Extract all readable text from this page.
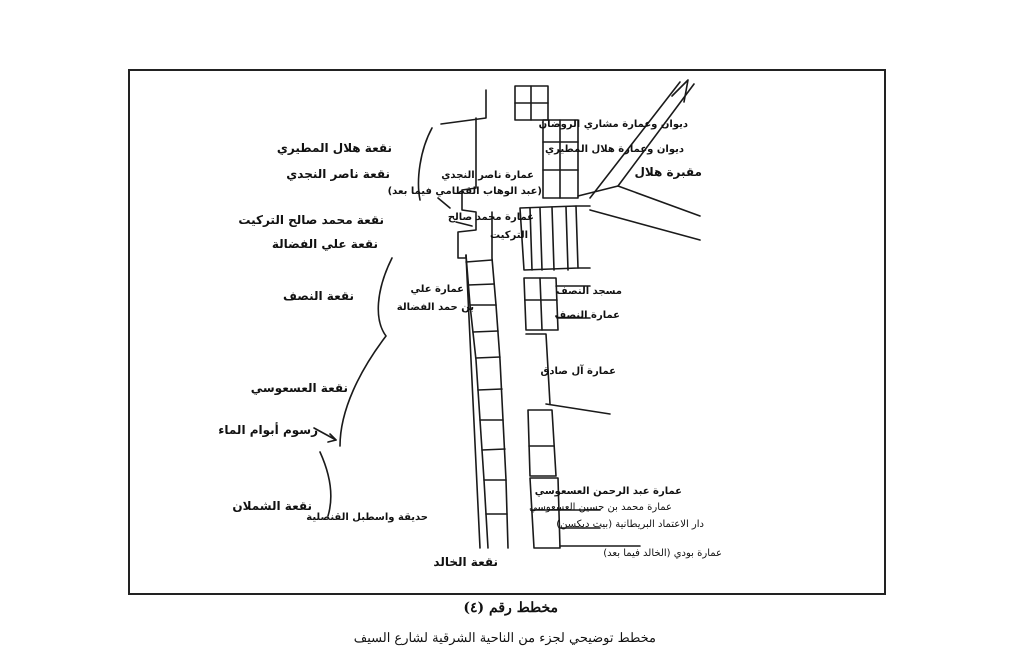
نقعة هلال المطيري
نقعة ناصر النجدي
نقعة محمد صالح التركيت
نقعة علي الفضالة
نقعة النصف
نقعة العسعوسي
رسوم أبوام الماء
نقعة الشملان
نقعة الخالد
ديوان وعمارة مشاري الروضان
ديوان وعمارة هلال المطيري
مقبرة هلال
عمارة ناصر النجدي
(عبد الوهاب القطامي فيما بعد)
عمارة محمد صالح
التركيت
عمارة علي
بن حمد الفضالة
مسجد النصف
عمارة النصف
عمارة آل صادق
عمارة عبد الرحمن العسعوسي
عمارة محمد بن حسين العسعوسي
دار الاعتماد البريطانية (بيت ديكسن)
عمارة بودي (الخالد فيما بعد)
حديقة واسطبل القنصلية
مخطط رقم (٤)
مخطط توضيحي لجزء من الناحية الشرقية لشارع السيف
